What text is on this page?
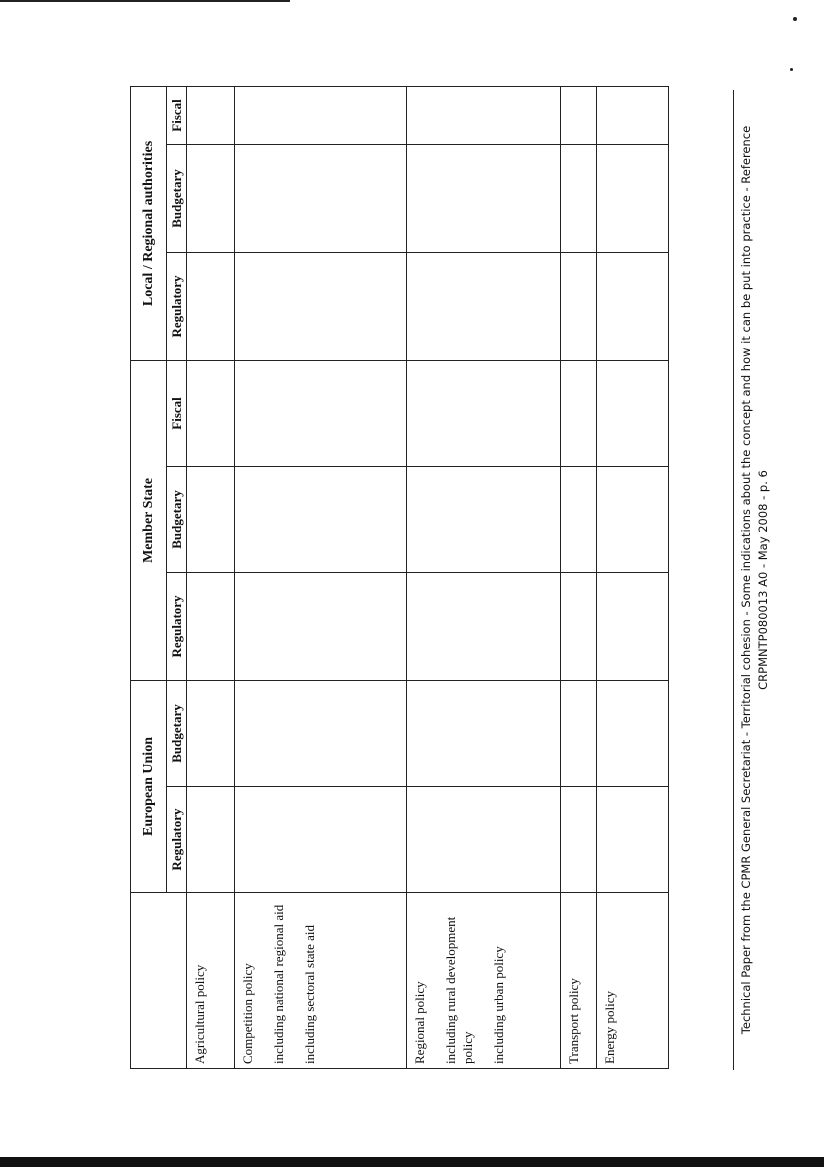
	European Union		Member State			Local / Regional authorities		
	Regulatory	Budgetary	Regulatory	Budgetary	Fiscal	Regulatory	Budgetary	Fiscal
Agricultural policy								

Competition policy including national regional aid including sectoral state aid								

Regional policy including rural development policy including urban policy								

Transport policy								
Energy policy									Technical Paper from the CPMR General Secretariat - Territorial cohesion - Some indications about the concept and how it can be put into practice - Reference CRPMNTP080013 A0 - May 2008 - p. 6
